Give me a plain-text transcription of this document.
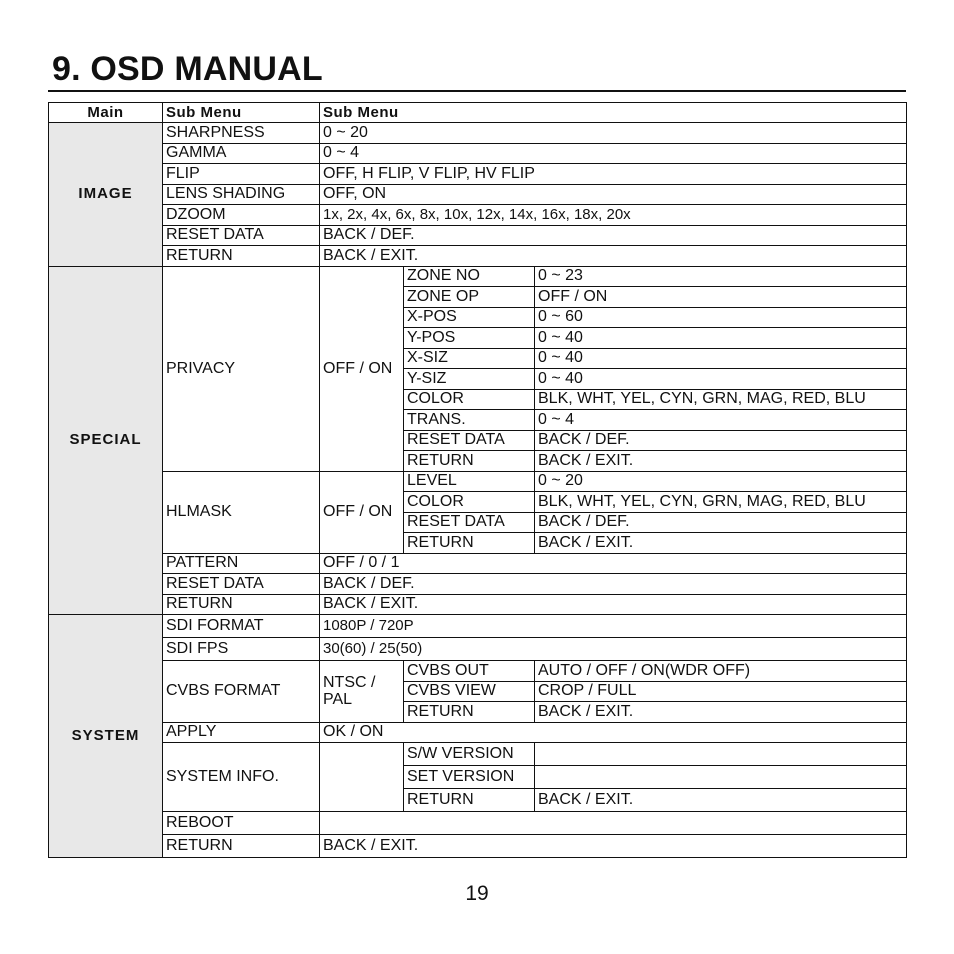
9. OSD MANUAL
Main	Sub Menu	Sub Menu		
IMAGE	SHARPNESS	0 ~ 20		
	GAMMA	0 ~ 4		
	FLIP	OFF, H FLIP, V FLIP, HV FLIP		
	LENS SHADING	OFF, ON		
	DZOOM	1x, 2x, 4x, 6x, 8x, 10x, 12x, 14x, 16x, 18x, 20x		
	RESET DATA	BACK / DEF.		
	RETURN	BACK / EXIT.		
SPECIAL	PRIVACY	OFF / ON	ZONE NO	0 ~ 23
			ZONE OP	OFF / ON
			X-POS	0 ~ 60
			Y-POS	0 ~ 40
			X-SIZ	0 ~ 40
			Y-SIZ	0 ~ 40
			COLOR	BLK, WHT, YEL, CYN, GRN, MAG, RED, BLU
			TRANS.	0 ~ 4
			RESET DATA	BACK / DEF.
			RETURN	BACK / EXIT.
	HLMASK	OFF / ON	LEVEL	0 ~ 20
			COLOR	BLK, WHT, YEL, CYN, GRN, MAG, RED, BLU
			RESET DATA	BACK / DEF.
			RETURN	BACK / EXIT.
	PATTERN	OFF / 0 / 1		
	RESET DATA	BACK / DEF.		
	RETURN	BACK / EXIT.		
SYSTEM	SDI FORMAT	1080P / 720P		
	SDI FPS	30(60) / 25(50)		
	CVBS FORMAT	NTSC / PAL	CVBS OUT	AUTO / OFF / ON(WDR OFF)
			CVBS VIEW	CROP / FULL
			RETURN	BACK / EXIT.
	APPLY	OK / ON		
	SYSTEM INFO.		S/W VERSION	
			SET VERSION	
			RETURN	BACK / EXIT.
	REBOOT			
	RETURN	BACK / EXIT.		
19
